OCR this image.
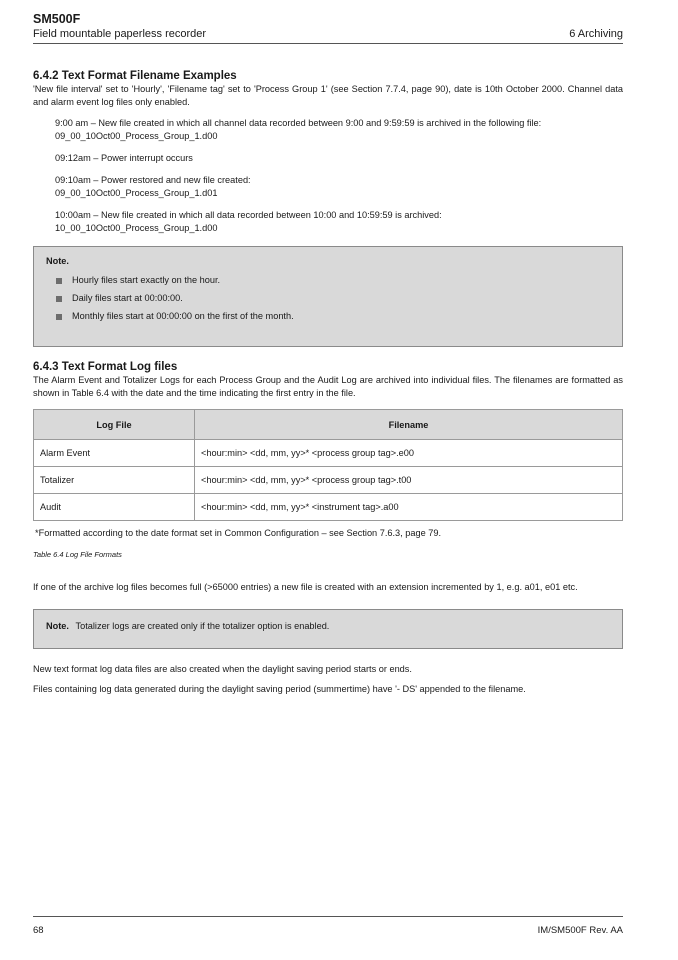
SM500F
Field mountable paperless recorder	6 Archiving
6.4.2 Text Format Filename Examples

'New file interval' set to 'Hourly', 'Filename tag' set to 'Process Group 1' (see Section 7.7.4, page 90), date is 10th October 2000. Channel data and alarm event log files only enabled.

9:00 am – New file created in which all channel data recorded between 9:00 and 9:59:59 is archived in the following file:

09_00_10Oct00_Process_Group_1.d00

09:12am – Power interrupt occurs

09:10am – Power restored and new file created:

09_00_10Oct00_Process_Group_1.d01

10:00am – New file created in which all data recorded between 10:00 and 10:59:59 is archived:

10_00_10Oct00_Process_Group_1.d00

Note.
Hourly files start exactly on the hour.
Daily files start at 00:00:00.
Monthly files start at 00:00:00 on the first of the month.
6.4.3 Text Format Log files

The Alarm Event and Totalizer Logs for each Process Group and the Audit Log are archived into individual files. The filenames are formatted as shown in Table 6.4 with the date and the time indicating the first entry in the file.

Log File	Filename
Alarm Event	<hour:min> <dd, mm, yy>* <process group tag>.e00
Totalizer	<hour:min> <dd, mm, yy>* <process group tag>.t00
Audit	<hour:min> <dd, mm, yy>* <instrument tag>.a00

*Formatted according to the date format set in Common Configuration – see Section 7.6.3, page 79.

Table 6.4 Log File Formats

If one of the archive log files becomes full (>65000 entries) a new file is created with an extension incremented by 1, e.g. a01, e01 etc.

Note. Totalizer logs are created only if the totalizer option is enabled.

New text format log data files are also created when the daylight saving period starts or ends.

Files containing log data generated during the daylight saving period (summertime) have '- DS' appended to the filename.

68	IM/SM500F Rev. AA
